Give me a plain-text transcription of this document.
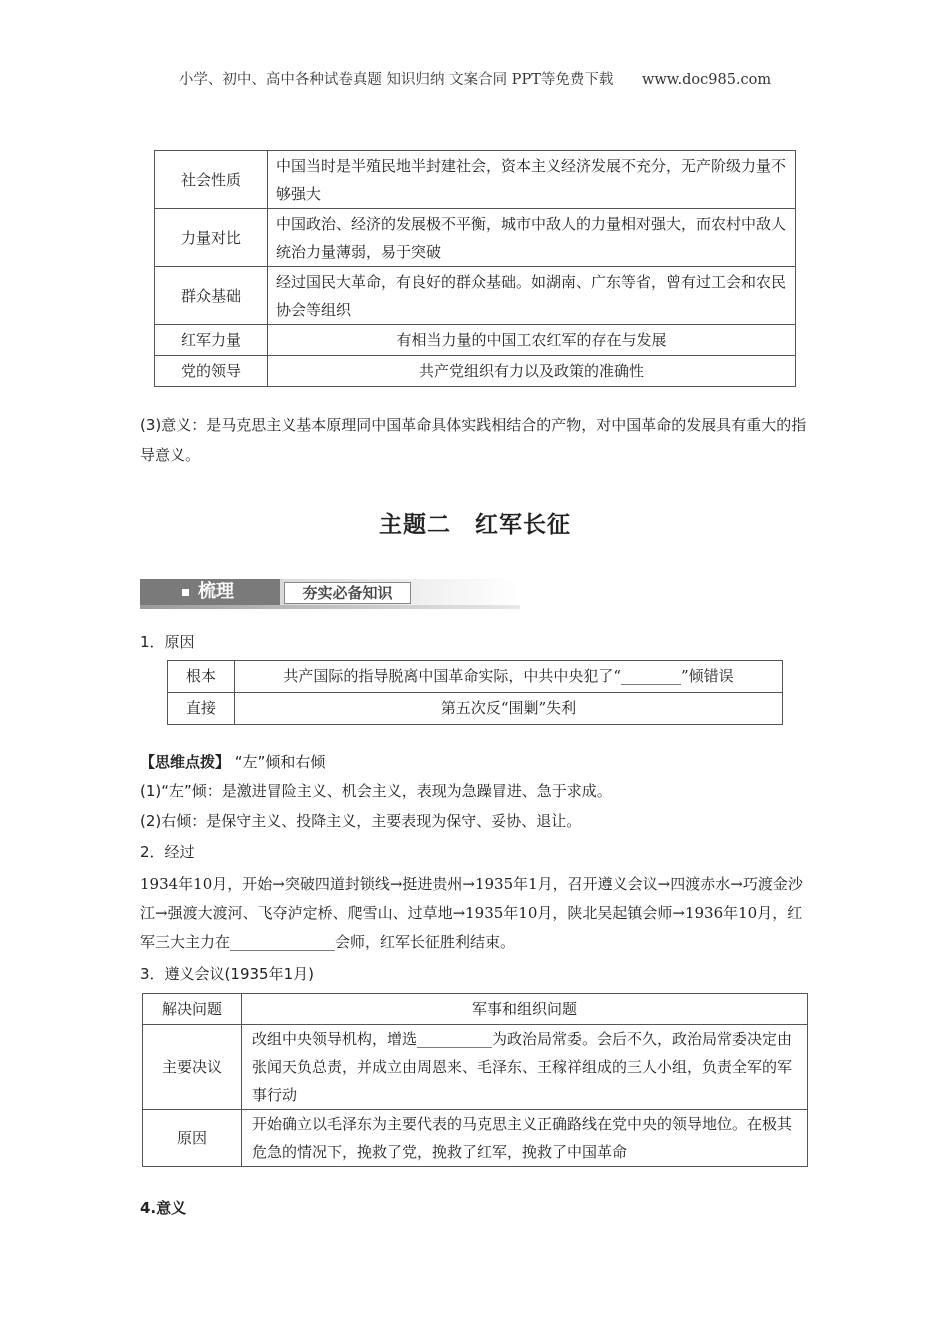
小学、初中、高中各种试卷真题 知识归纳 文案合同 PPT等免费下载 www.doc985.com
社会性质	中国当时是半殖民地半封建社会，资本主义经济发展不充分，无产阶级力量不够强大
力量对比	中国政治、经济的发展极不平衡，城市中敌人的力量相对强大，而农村中敌人统治力量薄弱，易于突破
群众基础	经过国民大革命，有良好的群众基础。如湖南、广东等省，曾有过工会和农民协会等组织
红军力量	有相当力量的中国工农红军的存在与发展
党的领导	共产党组织有力以及政策的准确性
(3)意义：是马克思主义基本原理同中国革命具体实践相结合的产物，对中国革命的发展具有重大的指导意义。
主题二　红军长征
梳理	夯实必备知识
1．原因
根本	共产国际的指导脱离中国革命实际，中共中央犯了“________”倾错误
直接	第五次反“围剿”失利
【思维点拨】 “左”倾和右倾
(1)“左”倾：是激进冒险主义、机会主义，表现为急躁冒进、急于求成。
(2)右倾：是保守主义、投降主义，主要表现为保守、妥协、退让。
2．经过
1934年10月，开始→突破四道封锁线→挺进贵州→1935年1月，召开遵义会议→四渡赤水→巧渡金沙江→强渡大渡河、飞夺泸定桥、爬雪山、过草地→1935年10月，陕北吴起镇会师→1936年10月，红军三大主力在______________会师，红军长征胜利结束。
3．遵义会议(1935年1月)
解决问题	军事和组织问题
主要决议	改组中央领导机构，增选__________为政治局常委。会后不久，政治局常委决定由张闻天负总责，并成立由周恩来、毛泽东、王稼祥组成的三人小组，负责全军的军事行动
原因	开始确立以毛泽东为主要代表的马克思主义正确路线在党中央的领导地位。在极其危急的情况下，挽救了党，挽救了红军，挽救了中国革命
4.意义
